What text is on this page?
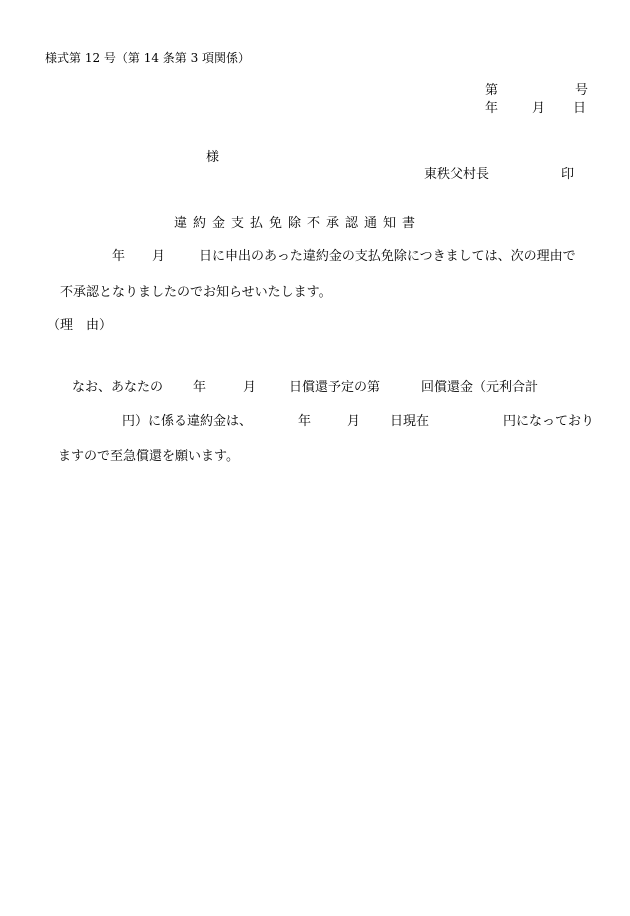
様式第 12 号（第 14 条第 3 項関係）
第	号
年	月 日
様
東秩父村長	印
違約金支払免除不承認通知書
年 月	日に申出のあった違約金の支払免除につきましては、次の理由で
不承認となりましたのでお知らせいたします。
（理　由）
なお、あなたの 年	月	日償還予定の第	回償還金（元利合計
円）に係る違約金は、	年	月 日現在	円になっており
ますので至急償還を願います。
